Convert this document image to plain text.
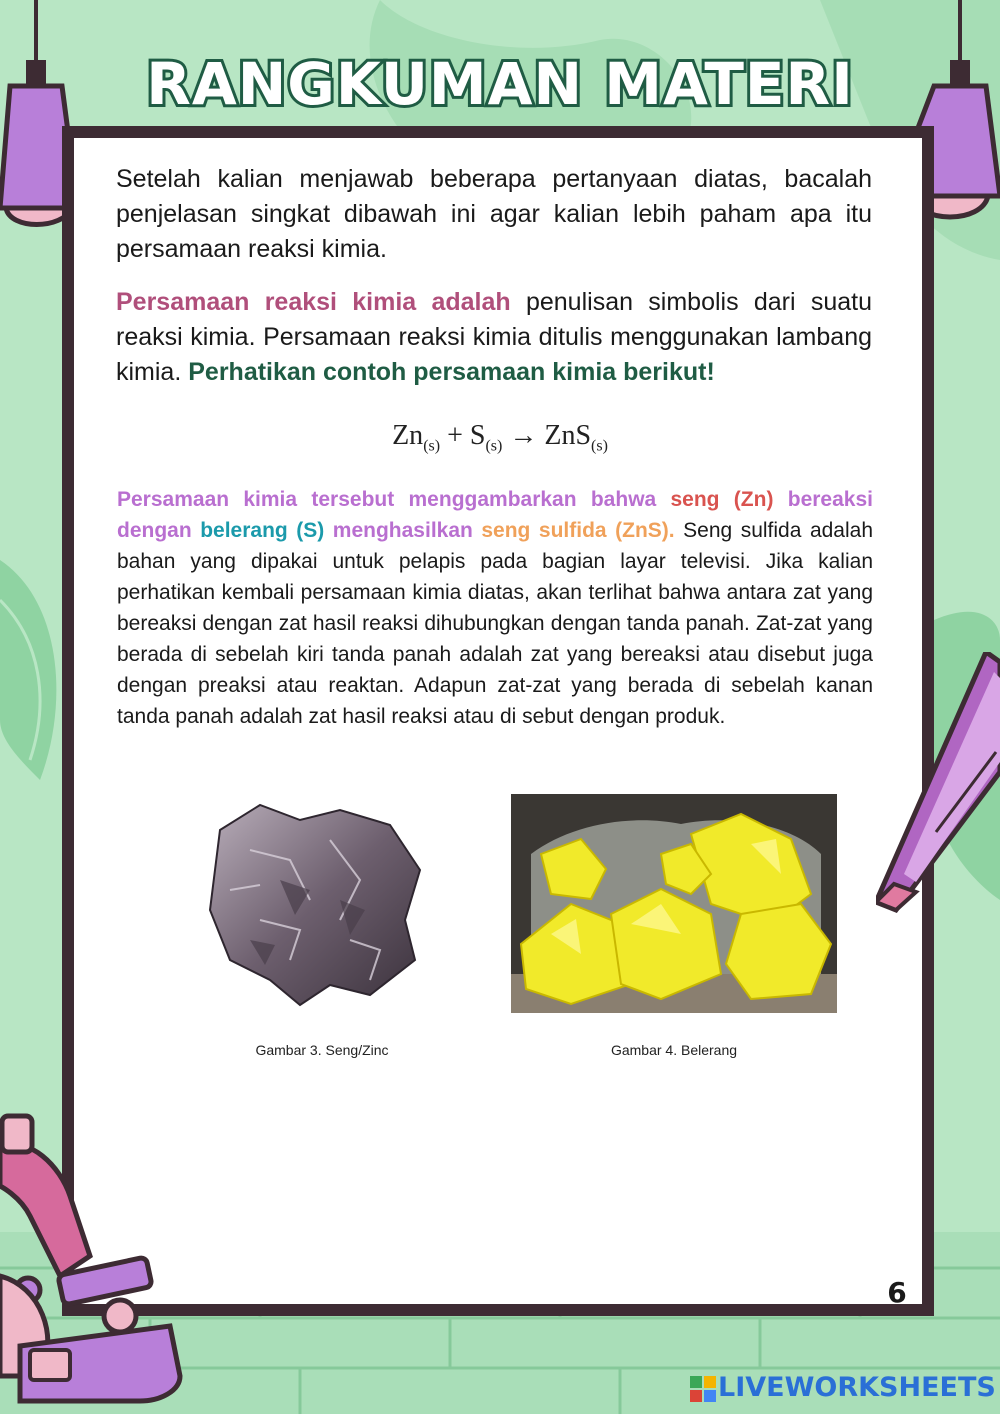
RANGKUMAN MATERI

Setelah kalian menjawab beberapa pertanyaan diatas, bacalah penjelasan singkat dibawah ini agar kalian lebih paham apa itu persamaan reaksi kimia.

Persamaan reaksi kimia adalah penulisan simbolis dari suatu reaksi kimia. Persamaan reaksi kimia ditulis menggunakan lambang kimia. Perhatikan contoh persamaan kimia berikut!

$Zn_{(s)} + S_{(s)} \to ZnS_{(s)}$

Persamaan kimia tersebut menggambarkan bahwa seng (Zn) bereaksi dengan belerang (S) menghasilkan seng sulfida (ZnS). Seng sulfida adalah bahan yang dipakai untuk pelapis pada bagian layar televisi. Jika kalian perhatikan kembali persamaan kimia diatas, akan terlihat bahwa antara zat yang bereaksi dengan zat hasil reaksi dihubungkan dengan tanda panah. Zat-zat yang berada di sebelah kiri tanda panah adalah zat yang bereaksi atau disebut juga dengan preaksi atau reaktan. Adapun zat-zat yang berada di sebelah kanan tanda panah adalah zat hasil reaksi atau di sebut dengan produk.

Gambar 3. Seng/Zinc	Gambar 4. Belerang
6
LIVEWORKSHEETS
